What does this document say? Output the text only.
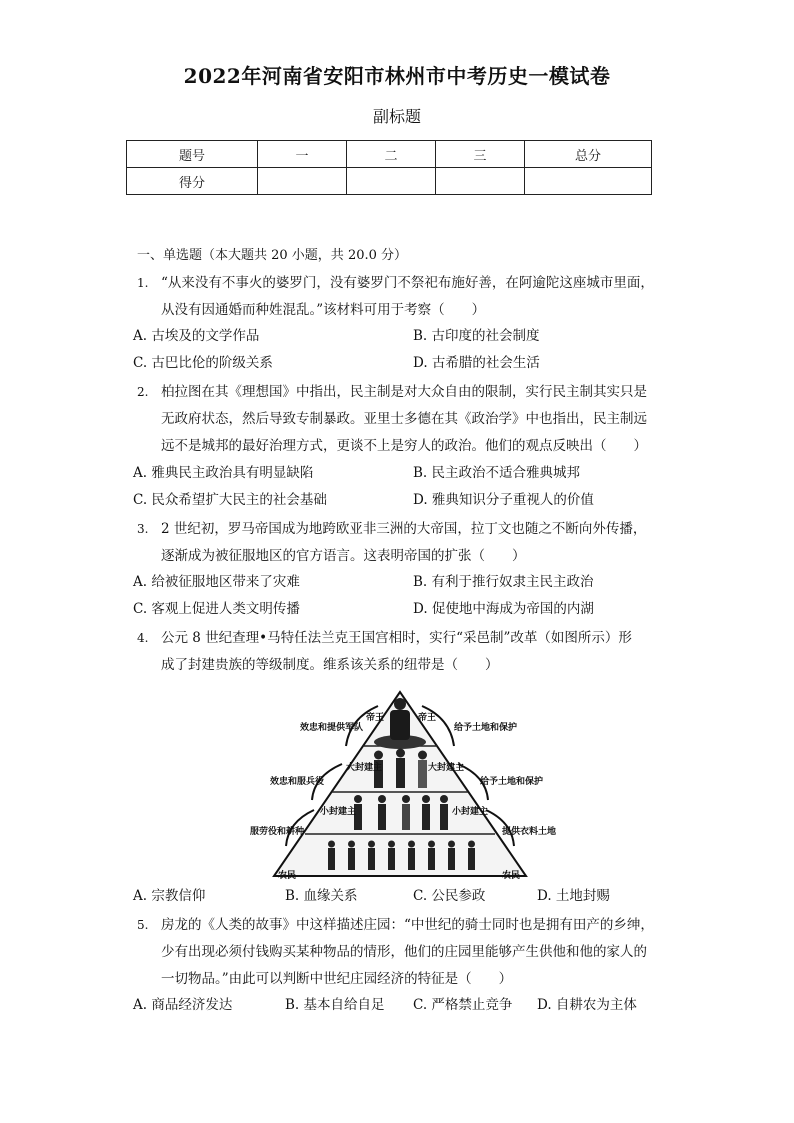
2022年河南省安阳市林州市中考历史一模试卷
副标题
题号	一	二	三	总分
得分				
一、单选题（本大题共 20 小题，共 20.0 分）
1. “从来没有不事火的婆罗门，没有婆罗门不祭祀布施好善，在阿逾陀这座城市里面，
从没有因通婚而种姓混乱。”该材料可用于考察（　　）
A. 古埃及的文学作品	B. 古印度的社会制度
C. 古巴比伦的阶级关系	D. 古希腊的社会生活
2. 柏拉图在其《理想国》中指出，民主制是对大众自由的限制，实行民主制其实只是
无政府状态，然后导致专制暴政。亚里士多德在其《政治学》中也指出，民主制远
远不是城邦的最好治理方式，更谈不上是穷人的政治。他们的观点反映出（　　）
A. 雅典民主政治具有明显缺陷	B. 民主政治不适合雅典城邦
C. 民众希望扩大民主的社会基础	D. 雅典知识分子重视人的价值
3. 2 世纪初，罗马帝国成为地跨欧亚非三洲的大帝国，拉丁文也随之不断向外传播，
逐渐成为被征服地区的官方语言。这表明帝国的扩张（　　）
A. 给被征服地区带来了灾难	B. 有利于推行奴隶主民主政治
C. 客观上促进人类文明传播	D. 促使地中海成为帝国的内湖
4. 公元 8 世纪查理•马特任法兰克王国宫相时，实行“采邑制”改革（如图所示）形
成了封建贵族的等级制度。维系该关系的纽带是（　　）
帝王	帝王
效忠和提供军队	给予土地和保护
大封建主	大封建主
效忠和服兵役	给予土地和保护
小封建主	小封建主
服劳役和耕种	提供衣料土地
农民	农民
A. 宗教信仰	B. 血缘关系	C. 公民参政	D. 土地封赐
5. 房龙的《人类的故事》中这样描述庄园：“中世纪的骑士同时也是拥有田产的乡绅，
少有出现必须付钱购买某种物品的情形，他们的庄园里能够产生供他和他的家人的
一切物品。”由此可以判断中世纪庄园经济的特征是（　　）
A. 商品经济发达	B. 基本自给自足 C. 严格禁止竞争 D. 自耕农为主体
